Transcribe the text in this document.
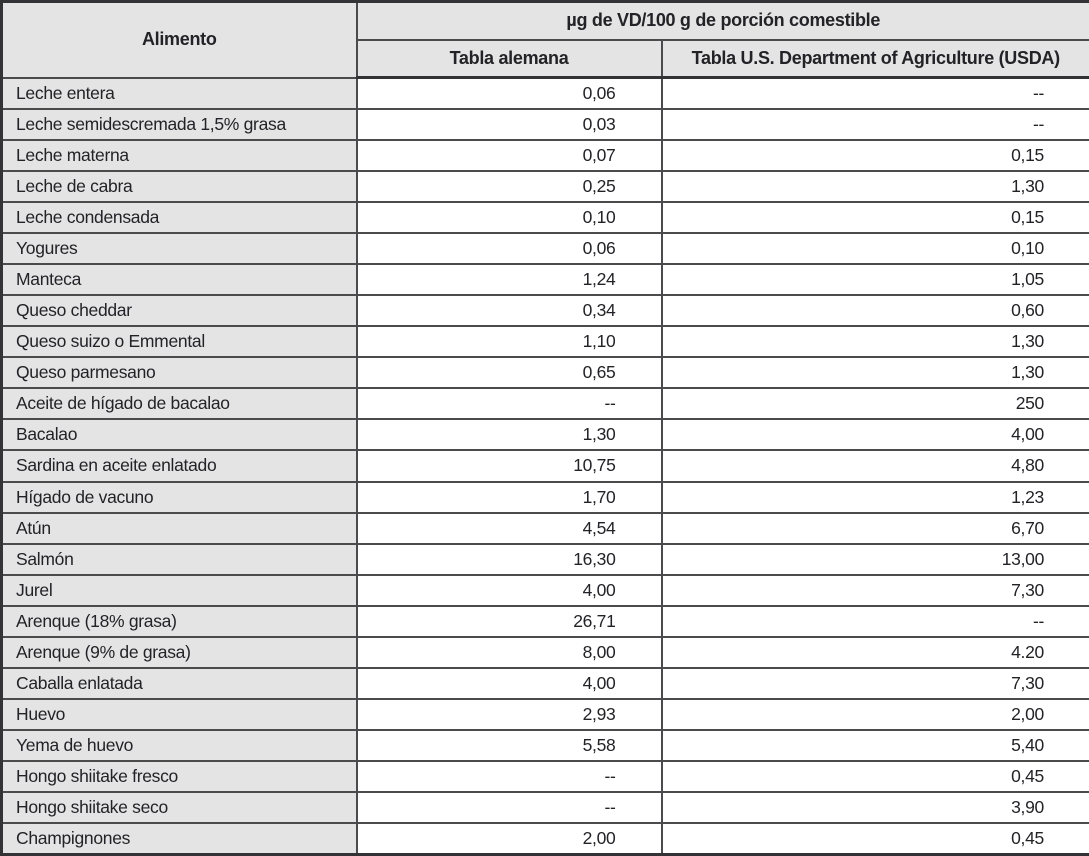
Alimento	µg de VD/100 g de porción comestible	
	Tabla alemana	Tabla U.S. Department of Agriculture (USDA)
Leche entera	0,06	--
Leche semidescremada 1,5% grasa	0,03	--
Leche materna	0,07	0,15
Leche de cabra	0,25	1,30
Leche condensada	0,10	0,15
Yogures	0,06	0,10
Manteca	1,24	1,05
Queso cheddar	0,34	0,60
Queso suizo o Emmental	1,10	1,30
Queso parmesano	0,65	1,30
Aceite de hígado de bacalao	--	250
Bacalao	1,30	4,00
Sardina en aceite enlatado	10,75	4,80
Hígado de vacuno	1,70	1,23
Atún	4,54	6,70
Salmón	16,30	13,00
Jurel	4,00	7,30
Arenque (18% grasa)	26,71	--
Arenque (9% de grasa)	8,00	4.20
Caballa enlatada	4,00	7,30
Huevo	2,93	2,00
Yema de huevo	5,58	5,40
Hongo shiitake fresco	--	0,45
Hongo shiitake seco	--	3,90
Champignones	2,00	0,45
